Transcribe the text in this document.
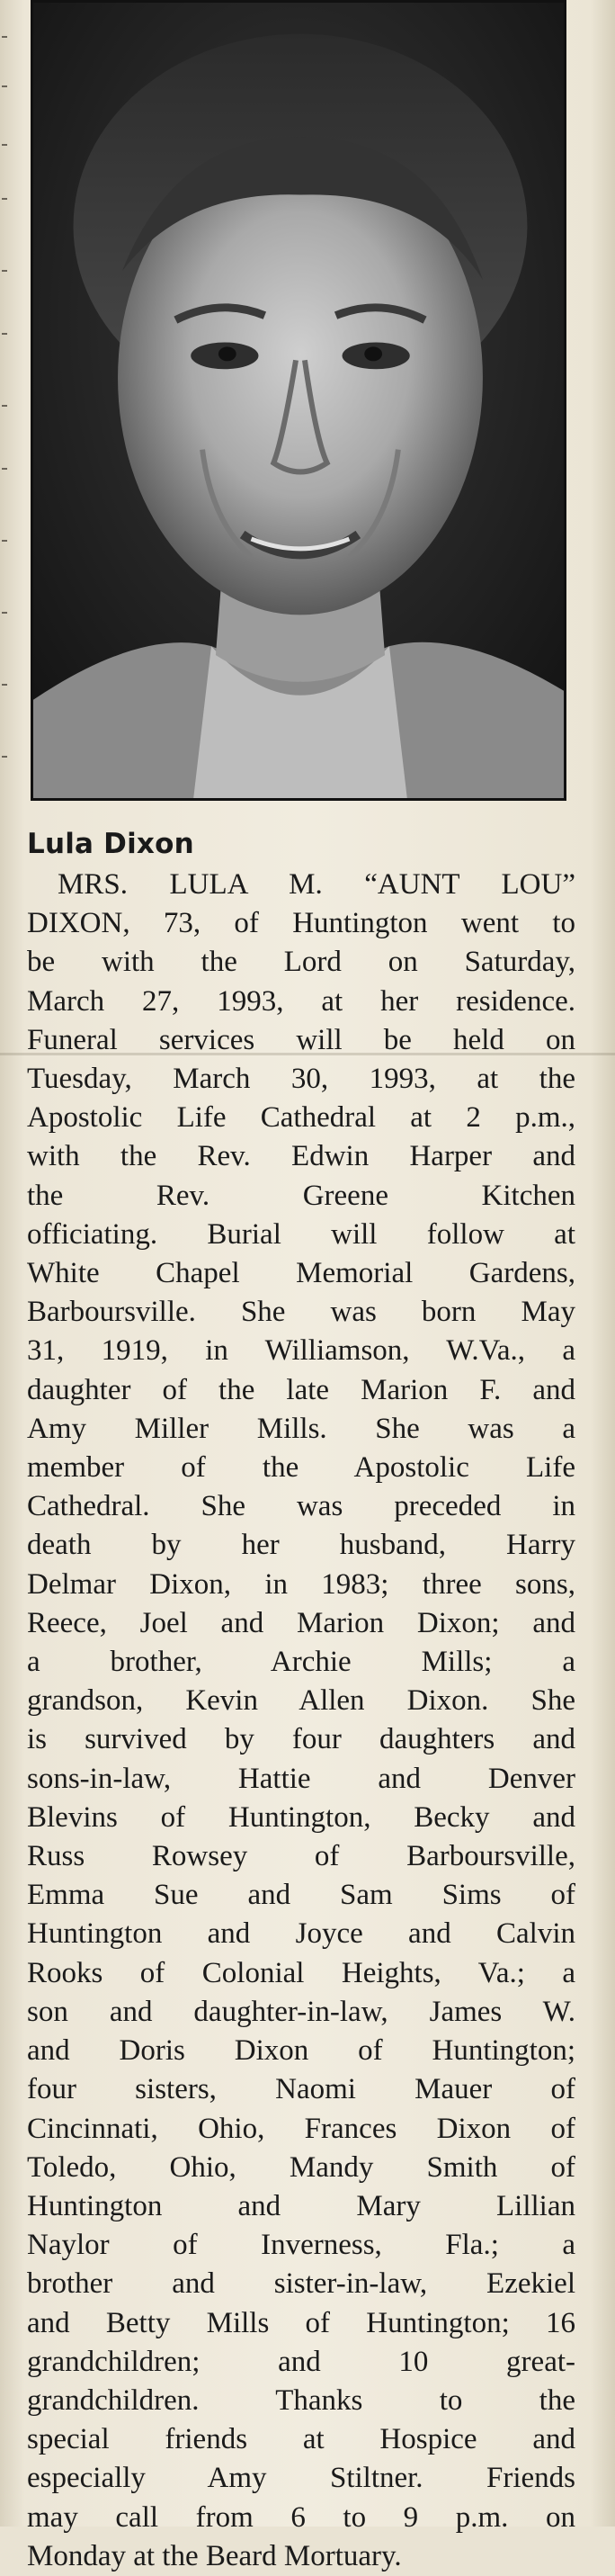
Lula Dixon
MRS. LULA M. “AUNT LOU”
DIXON, 73, of Huntington went to
be with the Lord on Saturday,
March 27, 1993, at her residence.
Funeral services will be held on
Tuesday, March 30, 1993, at the
Apostolic Life Cathedral at 2 p.m.,
with the Rev. Edwin Harper and
the Rev. Greene Kitchen
officiating. Burial will follow at
White Chapel Memorial Gardens,
Barboursville. She was born May
31, 1919, in Williamson, W.Va., a
daughter of the late Marion F. and
Amy Miller Mills. She was a
member of the Apostolic Life
Cathedral. She was preceded in
death by her husband, Harry
Delmar Dixon, in 1983; three sons,
Reece, Joel and Marion Dixon; and
a brother, Archie Mills; a
grandson, Kevin Allen Dixon. She
is survived by four daughters and
sons-in-law, Hattie and Denver
Blevins of Huntington, Becky and
Russ Rowsey of Barboursville,
Emma Sue and Sam Sims of
Huntington and Joyce and Calvin
Rooks of Colonial Heights, Va.; a
son and daughter-in-law, James W.
and Doris Dixon of Huntington;
four sisters, Naomi Mauer of
Cincinnati, Ohio, Frances Dixon of
Toledo, Ohio, Mandy Smith of
Huntington and Mary Lillian
Naylor of Inverness, Fla.; a
brother and sister-in-law, Ezekiel
and Betty Mills of Huntington; 16
grandchildren; and 10 great-
grandchildren. Thanks to the
special friends at Hospice and
especially Amy Stiltner. Friends
may call from 6 to 9 p.m. on
Monday at the Beard Mortuary.
